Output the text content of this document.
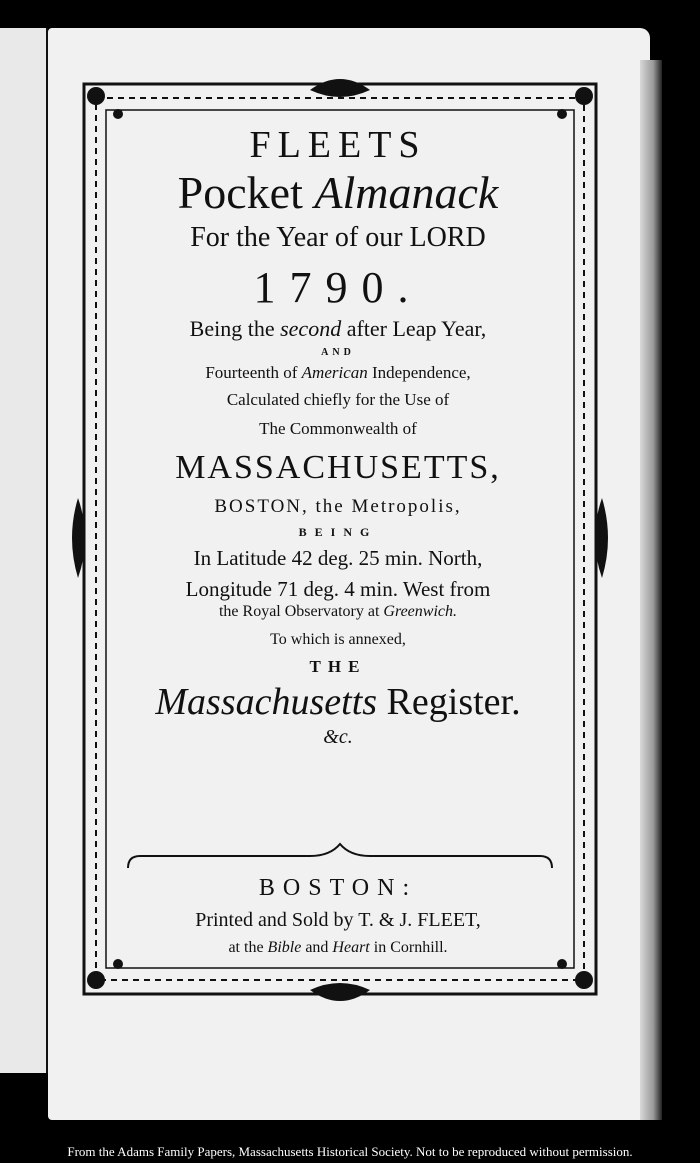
FLEETS
Pocket Almanack
For the Year of our LORD
1790.
Being the second after Leap Year,
AND
Fourteenth of American Independence,
Calculated chiefly for the Use of
The Commonwealth of
MASSACHUSETTS,
BOSTON, the Metropolis,
BEING
In Latitude 42 deg. 25 min. North,
Longitude 71 deg. 4 min. West from
the Royal Observatory at Greenwich.
To which is annexed,
THE
Massachusetts Register.
&c.
BOSTON:
Printed and Sold by T. & J. FLEET,
at the Bible and Heart in Cornhill.
From the Adams Family Papers, Massachusetts Historical Society. Not to be reproduced without permission.
